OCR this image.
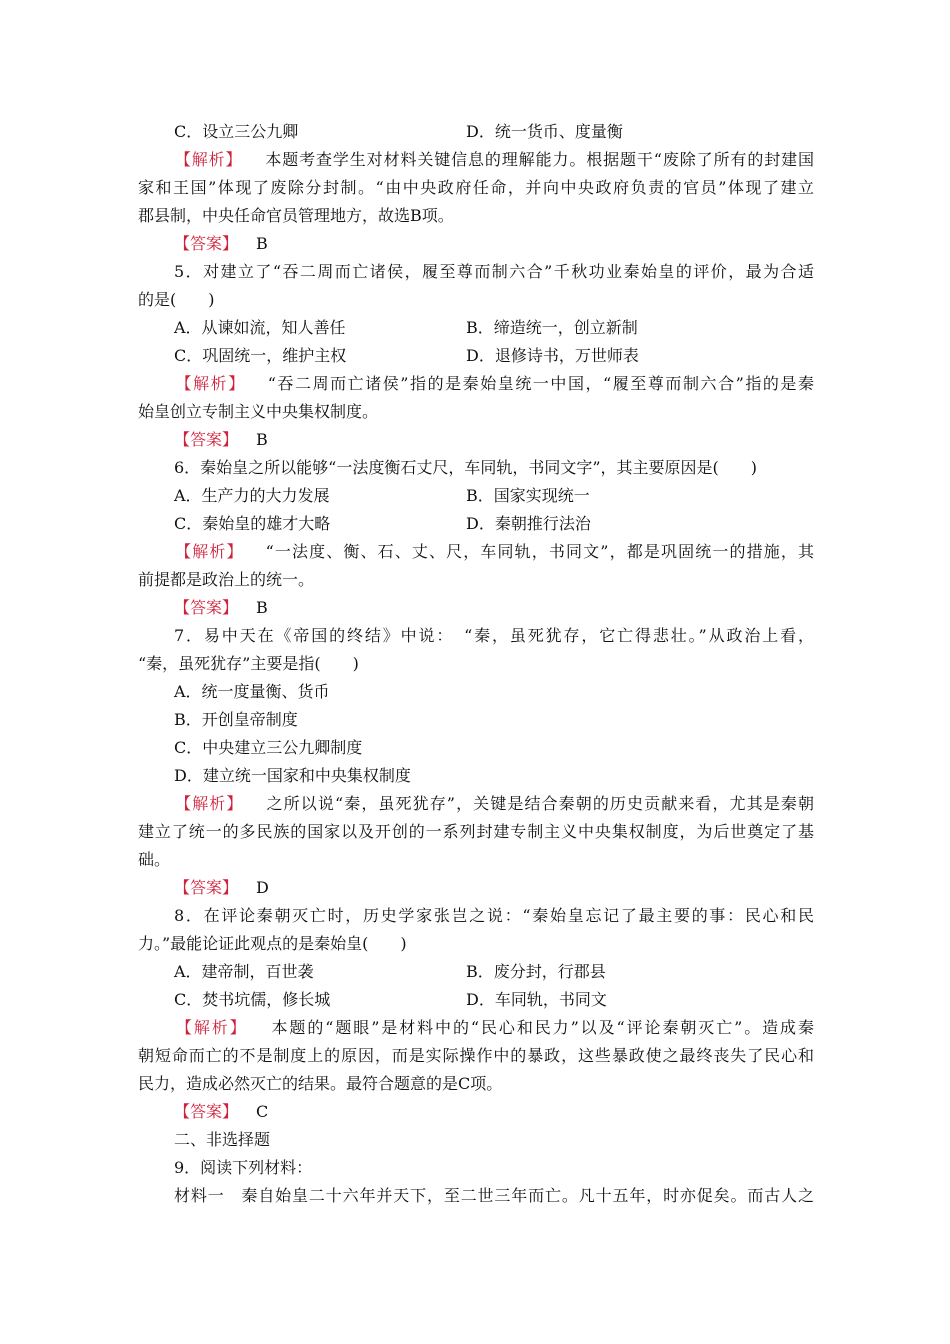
C．设立三公九卿	D．统一货币、度量衡
【解析】 本题考查学生对材料关键信息的理解能力。根据题干“废除了所有的封建国
家和王国”体现了废除分封制。“由中央政府任命，并向中央政府负责的官员”体现了建立
郡县制，中央任命官员管理地方，故选B项。
【答案】 B
5．对建立了“吞二周而亡诸侯，履至尊而制六合”千秋功业秦始皇的评价，最为合适
的是(　　)
A．从谏如流，知人善任	B．缔造统一，创立新制
C．巩固统一，维护主权	D．退修诗书，万世师表
【解析】 “吞二周而亡诸侯”指的是秦始皇统一中国，“履至尊而制六合”指的是秦
始皇创立专制主义中央集权制度。
【答案】 B
6．秦始皇之所以能够“一法度衡石丈尺，车同轨，书同文字”，其主要原因是(　　)
A．生产力的大力发展	B．国家实现统一
C．秦始皇的雄才大略	D．秦朝推行法治
【解析】 “一法度、衡、石、丈、尺，车同轨，书同文”，都是巩固统一的措施，其
前提都是政治上的统一。
【答案】 B
7．易中天在《帝国的终结》中说：　“秦，虽死犹存，它亡得悲壮。”从政治上看，
“秦，虽死犹存”主要是指(　　)
A．统一度量衡、货币
B．开创皇帝制度
C．中央建立三公九卿制度
D．建立统一国家和中央集权制度
【解析】 之所以说“秦，虽死犹存”，关键是结合秦朝的历史贡献来看，尤其是秦朝
建立了统一的多民族的国家以及开创的一系列封建专制主义中央集权制度，为后世奠定了基
础。
【答案】 D
8．在评论秦朝灭亡时，历史学家张岂之说：“秦始皇忘记了最主要的事：民心和民
力。”最能论证此观点的是秦始皇(　　)
A．建帝制，百世袭	B．废分封，行郡县
C．焚书坑儒，修长城	D．车同轨，书同文
【解析】 本题的“题眼”是材料中的“民心和民力”以及“评论秦朝灭亡”。造成秦
朝短命而亡的不是制度上的原因，而是实际操作中的暴政，这些暴政使之最终丧失了民心和
民力，造成必然灭亡的结果。最符合题意的是C项。
【答案】 C
二、非选择题
9．阅读下列材料：
材料一　秦自始皇二十六年并天下，至二世三年而亡。凡十五年，时亦促矣。而古人之
